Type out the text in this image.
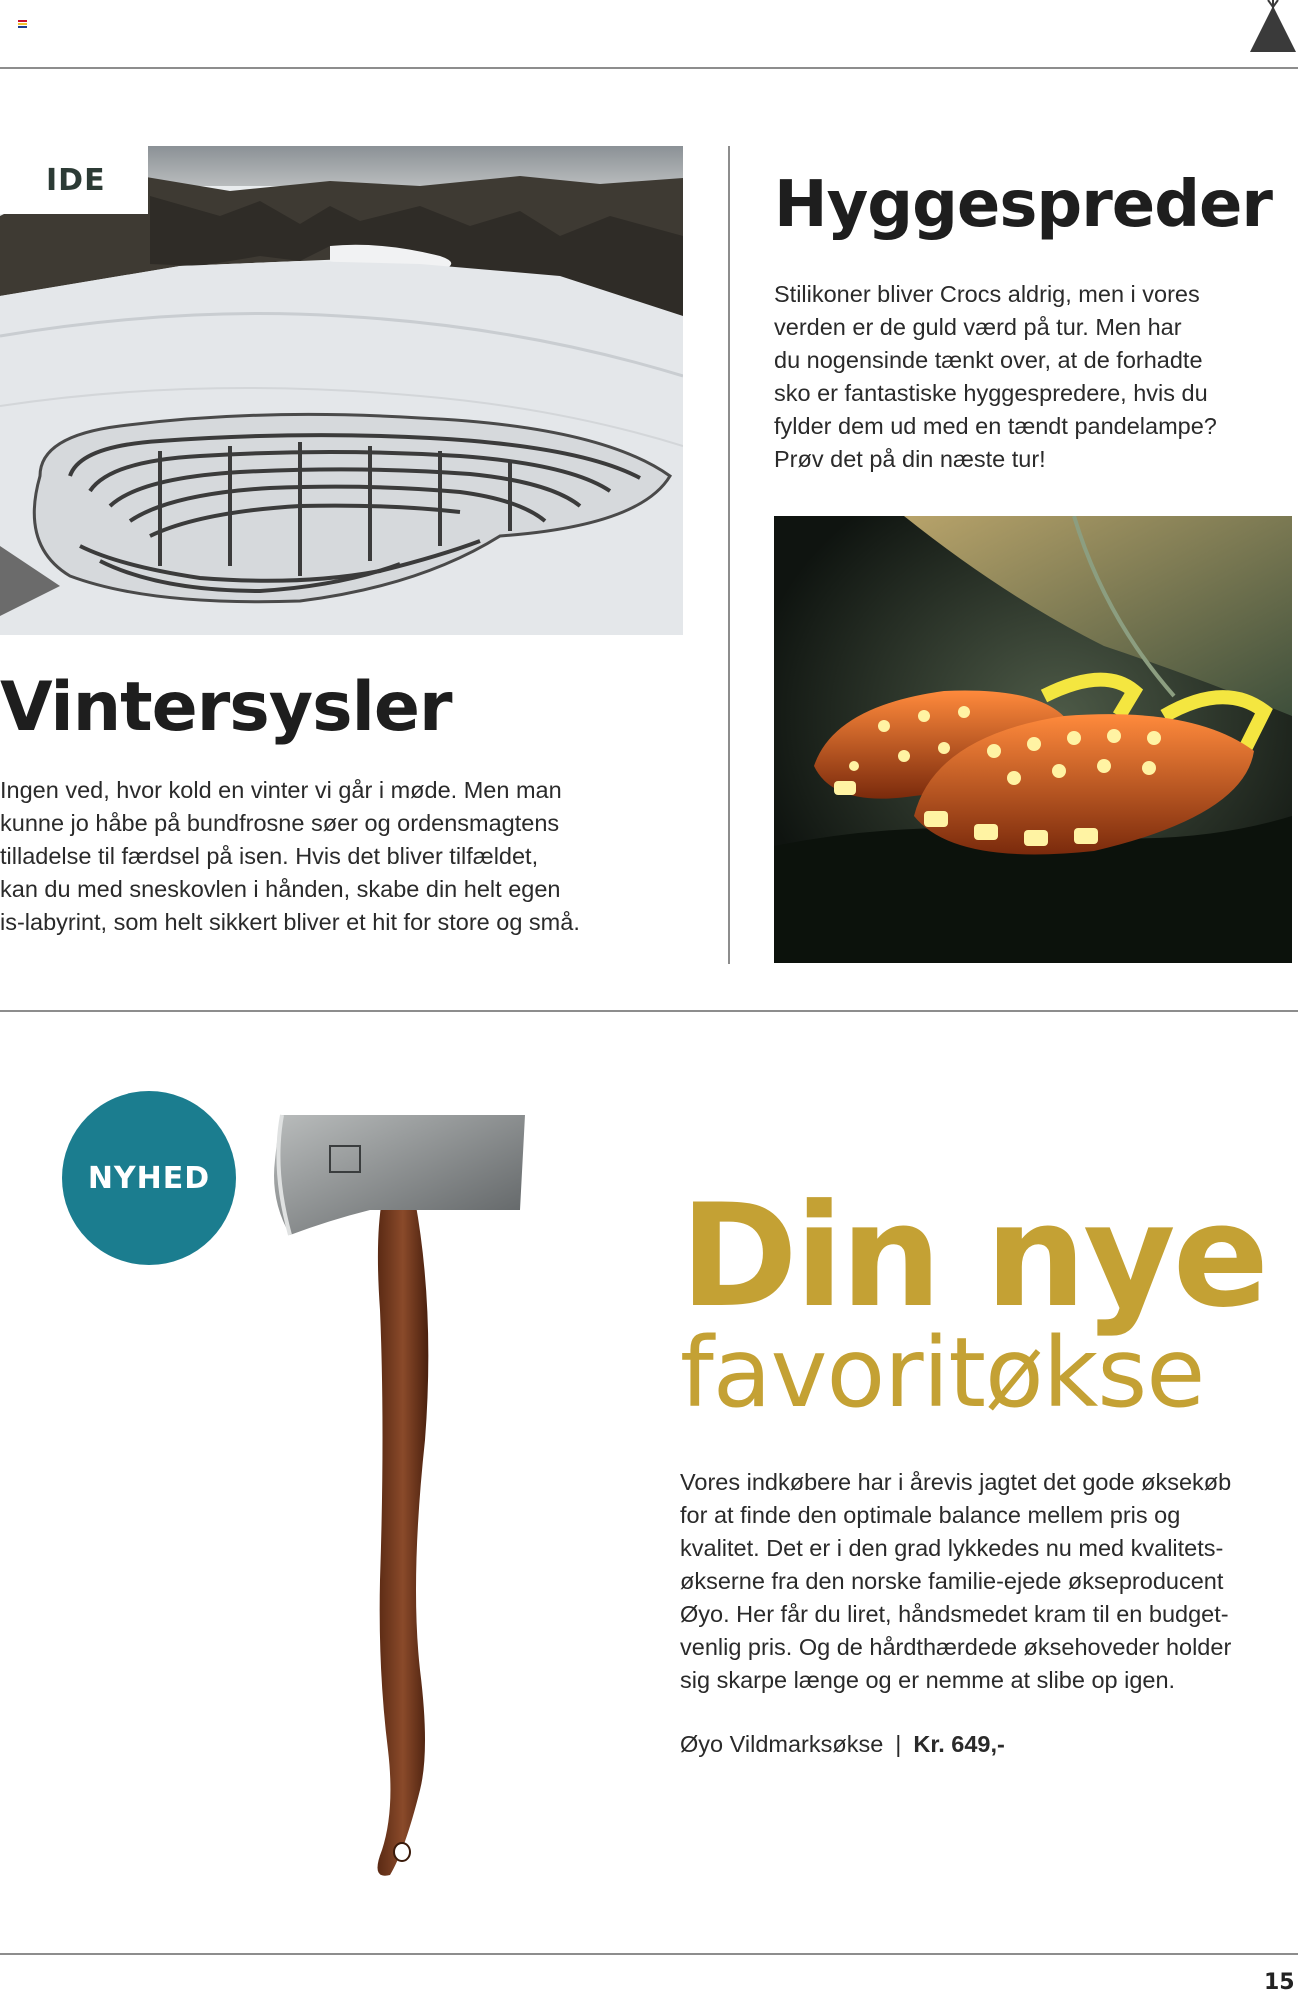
IDE
Vintersysler

Ingen ved, hvor kold en vinter vi går i møde. Men man

kunne jo håbe på bundfrosne søer og ordensmagtens

tilladelse til færdsel på isen. Hvis det bliver tilfældet,

kan du med sneskovlen i hånden, skabe din helt egen

is-labyrint, som helt sikkert bliver et hit for store og små.

Hyggespreder

Stilikoner bliver Crocs aldrig, men i vores

verden er de guld værd på tur. Men har

du nogensinde tænkt over, at de forhadte

sko er fantastiske hyggespredere, hvis du

fylder dem ud med en tændt pandelampe?

Prøv det på din næste tur!

NYHED	Din nye
favoritøkse

Vores indkøbere har i årevis jagtet det gode øksekøb

for at finde den optimale balance mellem pris og

kvalitet. Det er i den grad lykkedes nu med kvalitets-

økserne fra den norske familie-ejede økseproducent

Øyo. Her får du liret, håndsmedet kram til en budget-

venlig pris. Og de hårdthærdede øksehoveder holder

sig skarpe længe og er nemme at slibe op igen.

Øyo Vildmarksøkse | Kr. 649,-
15
